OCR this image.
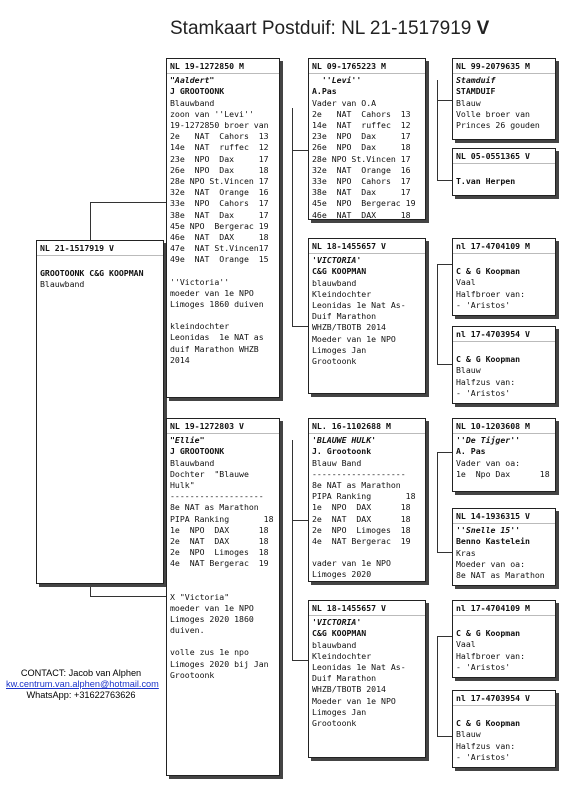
Stamkaart Postduif: NL 21-1517919 V
NL 21-1517919 V
GROOTOONK C&G KOOPMAN
Blauwband
NL 19-1272850 M
"Aaldert"
J GROOTOONK
Blauwband
zoon van ''Levi''
19-1272850 broer van
2e   NAT  Cahors  13
14e  NAT  ruffec  12
23e  NPO  Dax     17
26e  NPO  Dax     18
28e NPO St.Vincen 17
32e  NAT  Orange  16
33e  NPO  Cahors  17
38e  NAT  Dax     17
45e NPO  Bergerac 19
46e  NAT  DAX     18
47e  NAT St.Vincen17
49e  NAT  Orange  15
''Victoria''
moeder van 1e NPO
Limoges 1860 duiven
kleindochter
Leonidas  1e NAT as
duif Marathon WHZB
2014
NL 19-1272803 V
"Ellie"
J GROOTOONK
Blauwband
Dochter  "Blauwe
Hulk"
-------------------
8e NAT as Marathon
PIPA Ranking       18
1e  NPO  DAX      18
2e  NAT  DAX      18
2e  NPO  Limoges  18
4e  NAT Bergerac  19
X "Victoria"
moeder van 1e NPO
Limoges 2020 1860
duiven.
volle zus 1e npo
Limoges 2020 bij Jan
Grootoonk
NL 09-1765223 M
''Levi''
A.Pas
Vader van O.A
2e   NAT  Cahors  13
14e  NAT  ruffec  12
23e  NPO  Dax     17
26e  NPO  Dax     18
28e NPO St.Vincen 17
32e  NAT  Orange  16
33e  NPO  Cahors  17
38e  NAT  Dax     17
45e  NPO  Bergerac 19
46e  NAT  DAX     18
NL 18-1455657 V
'VICTORIA'
C&G KOOPMAN
blauwband
Kleindochter
Leonidas 1e Nat As-
Duif Marathon
WHZB/TBOTB 2014
Moeder van 1e NPO
Limoges Jan
Grootoonk
NL. 16-1102688 M
'BLAUWE HULK'
J. Grootoonk
Blauw Band
-------------------
8e NAT as Marathon
PIPA Ranking       18
1e  NPO  DAX      18
2e  NAT  DAX      18
2e  NPO  Limoges  18
4e  NAT Bergerac  19
vader van 1e NPO
Limoges 2020
NL 18-1455657 V
'VICTORIA'
C&G KOOPMAN
blauwband
Kleindochter
Leonidas 1e Nat As-
Duif Marathon
WHZB/TBOTB 2014
Moeder van 1e NPO
Limoges Jan
Grootoonk
NL 99-2079635 M
Stamduif
STAMDUIF
Blauw
Volle broer van
Princes 26 gouden
NL 05-0551365 V
T.van Herpen
nl 17-4704109 M
C & G Koopman
Vaal
Halfbroer van:
- 'Aristos'
nl 17-4703954 V
C & G Koopman
Blauw
Halfzus van:
- 'Aristos'
NL 10-1203608 M
''De Tijger''
A. Pas
Vader van oa:
1e  Npo Dax      18
NL 14-1936315 V
''Snelle 15''
Benno Kastelein
Kras
Moeder van oa:
8e NAT as Marathon
nl 17-4704109 M
C & G Koopman
Vaal
Halfbroer van:
- 'Aristos'
nl 17-4703954 V
C & G Koopman
Blauw
Halfzus van:
- 'Aristos'
CONTACT: Jacob van Alphen
kw.centrum.van.alphen@hotmail.com
WhatsApp: +31622763626
